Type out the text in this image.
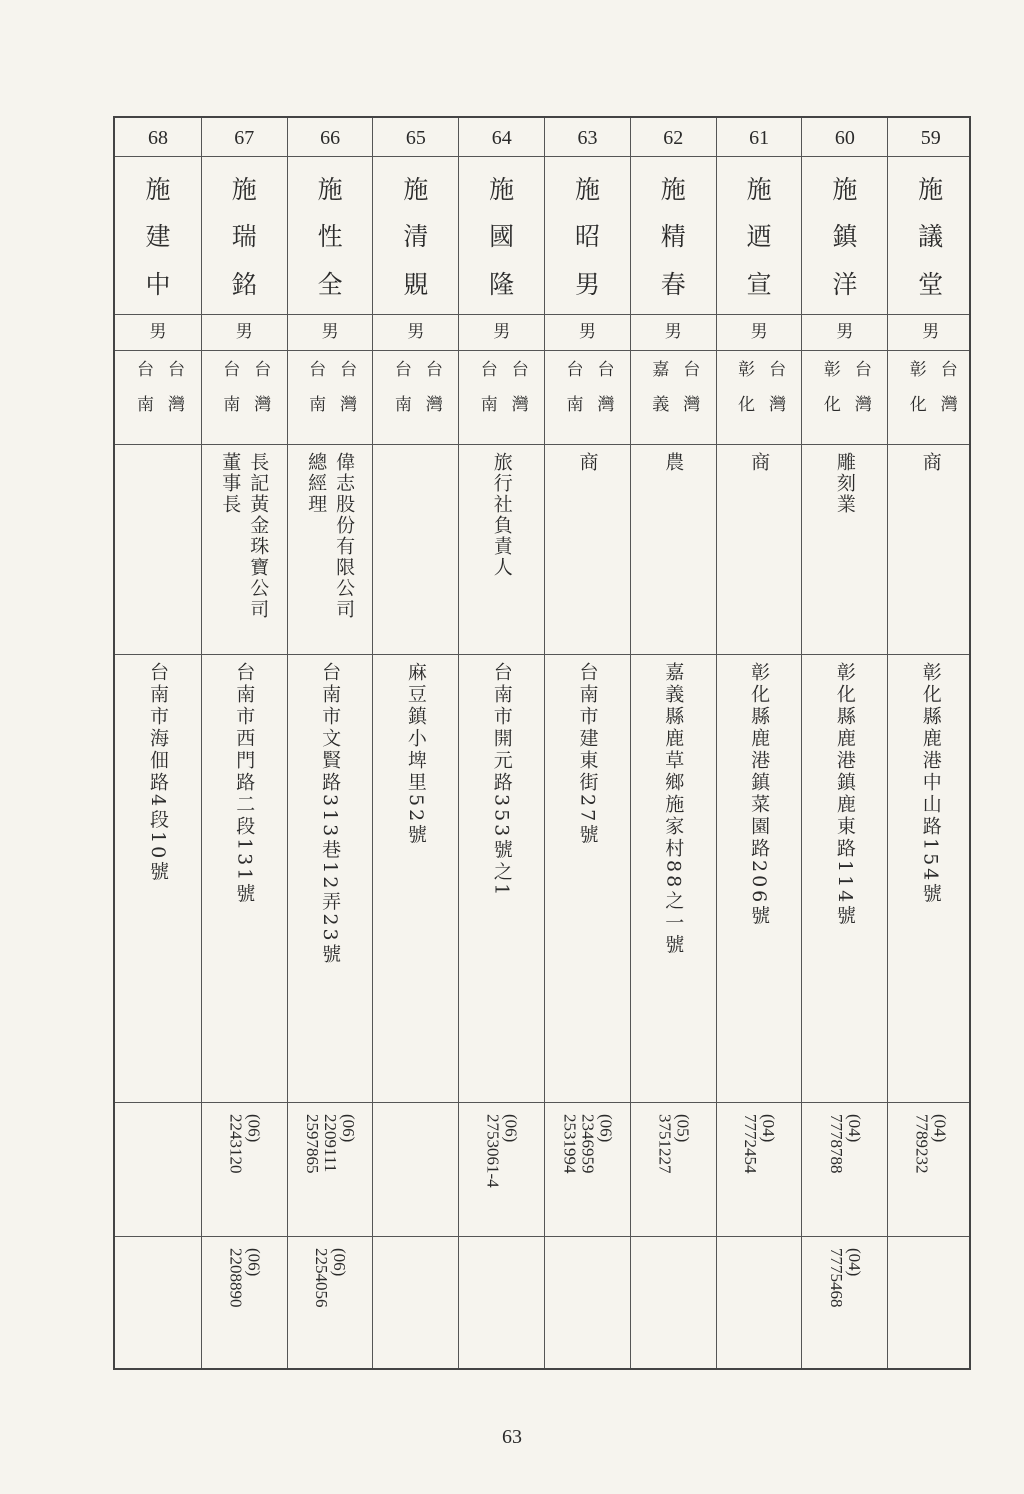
59
施
議
堂
男
台灣
彰化
商
彰化縣鹿港中山路154號
(04)
7789232
60
施
鎮
洋
男
台灣
彰化
雕刻業
彰化縣鹿港鎮鹿東路114號
(04)
7778788
(04)
7775468
61
施
迺
宣
男
台灣
彰化
商
彰化縣鹿港鎮菜園路206號
(04)
7772454
62
施
精
春
男
台灣
嘉義
農
嘉義縣鹿草鄉施家村88之一號
(05)
3751227
63
施
昭
男
男
台灣
台南
商
台南市建東街27號
(06)
2346959
2531994
64
施
國
隆
男
台灣
台南
旅行社負責人
台南市開元路353號之1
(06)
2753061-4
65
施
清
覞
男
台灣
台南
麻豆鎮小埤里52號
66
施
性
全
男
台灣
台南
偉志股份有限公司
總經理
台南市文賢路313巷12弄23號
(06)
2209111
2597865
(06)
2254056
67
施
瑞
銘
男
台灣
台南
長記黃金珠寶公司
董事長
台南市西門路二段131號
(06)
2243120
(06)
2208890
68
施
建
中
男
台灣
台南
台南市海佃路4段10號
63
